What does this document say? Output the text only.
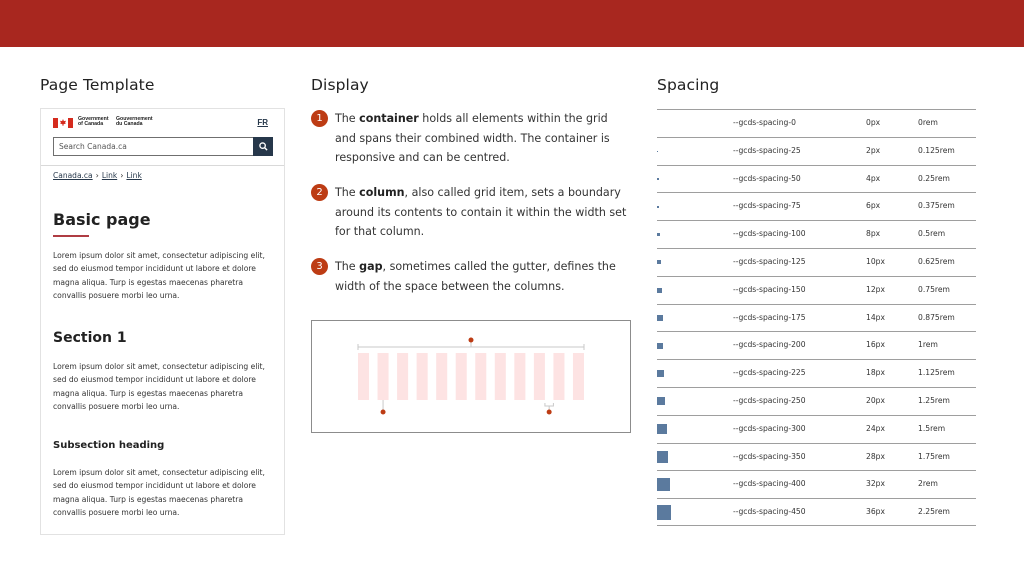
Page Template	Display	Spacing
Government
of Canada
Gouvernement
du Canada	FR
Search Canada.ca
Canada.ca › Link › Link
Basic page
Lorem ipsum dolor sit amet, consectetur adipiscing elit, sed do eiusmod tempor incididunt ut labore et dolore magna aliqua. Turp is egestas maecenas pharetra convallis posuere morbi leo urna.
Section 1
Lorem ipsum dolor sit amet, consectetur adipiscing elit, sed do eiusmod tempor incididunt ut labore et dolore magna aliqua. Turp is egestas maecenas pharetra convallis posuere morbi leo urna.
Subsection heading
Lorem ipsum dolor sit amet, consectetur adipiscing elit, sed do eiusmod tempor incididunt ut labore et dolore magna aliqua. Turp is egestas maecenas pharetra convallis posuere morbi leo urna.
1	The container holds all elements within the grid and spans their combined width. The container is responsive and can be centred.
2	The column, also called grid item, sets a boundary around its contents to contain it within the width set for that column.
3	The gap, sometimes called the gutter, defines the width of the space between the columns.
--gcds-spacing-0	0px	0rem
--gcds-spacing-25	2px	0.125rem
--gcds-spacing-50	4px	0.25rem
--gcds-spacing-75	6px	0.375rem
--gcds-spacing-100	8px	0.5rem
--gcds-spacing-125	10px	0.625rem
--gcds-spacing-150	12px	0.75rem
--gcds-spacing-175	14px	0.875rem
--gcds-spacing-200	16px	1rem
--gcds-spacing-225	18px	1.125rem
--gcds-spacing-250	20px	1.25rem
--gcds-spacing-300	24px	1.5rem
--gcds-spacing-350	28px	1.75rem
--gcds-spacing-400	32px	2rem
--gcds-spacing-450	36px	2.25rem
